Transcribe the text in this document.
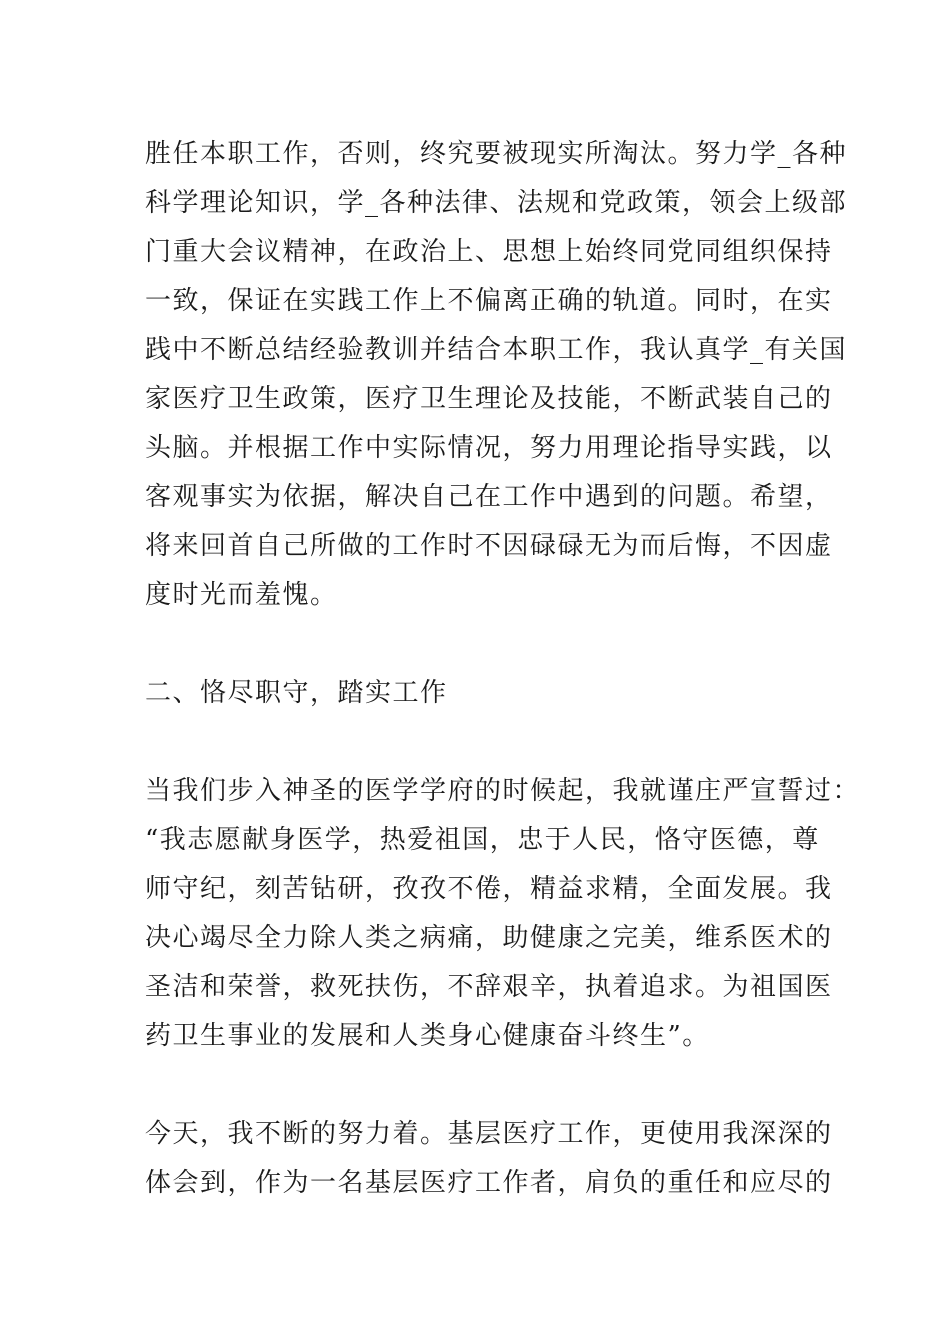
胜任本职工作，否则，终究要被现实所淘汰。努力学_各种
科学理论知识，学_各种法律、法规和党政策，领会上级部
门重大会议精神，在政治上、思想上始终同党同组织保持
一致，保证在实践工作上不偏离正确的轨道。同时，在实
践中不断总结经验教训并结合本职工作，我认真学_有关国
家医疗卫生政策，医疗卫生理论及技能，不断武装自己的
头脑。并根据工作中实际情况，努力用理论指导实践，以
客观事实为依据，解决自己在工作中遇到的问题。希望，
将来回首自己所做的工作时不因碌碌无为而后悔，不因虚
度时光而羞愧。
二、恪尽职守，踏实工作
当我们步入神圣的医学学府的时候起，我就谨庄严宣誓过：
“我志愿献身医学，热爱祖国，忠于人民，恪守医德，尊
师守纪，刻苦钻研，孜孜不倦，精益求精，全面发展。我
决心竭尽全力除人类之病痛，助健康之完美，维系医术的
圣洁和荣誉，救死扶伤，不辞艰辛，执着追求。为祖国医
药卫生事业的发展和人类身心健康奋斗终生”。
今天，我不断的努力着。基层医疗工作，更使用我深深的
体会到，作为一名基层医疗工作者，肩负的重任和应尽的
